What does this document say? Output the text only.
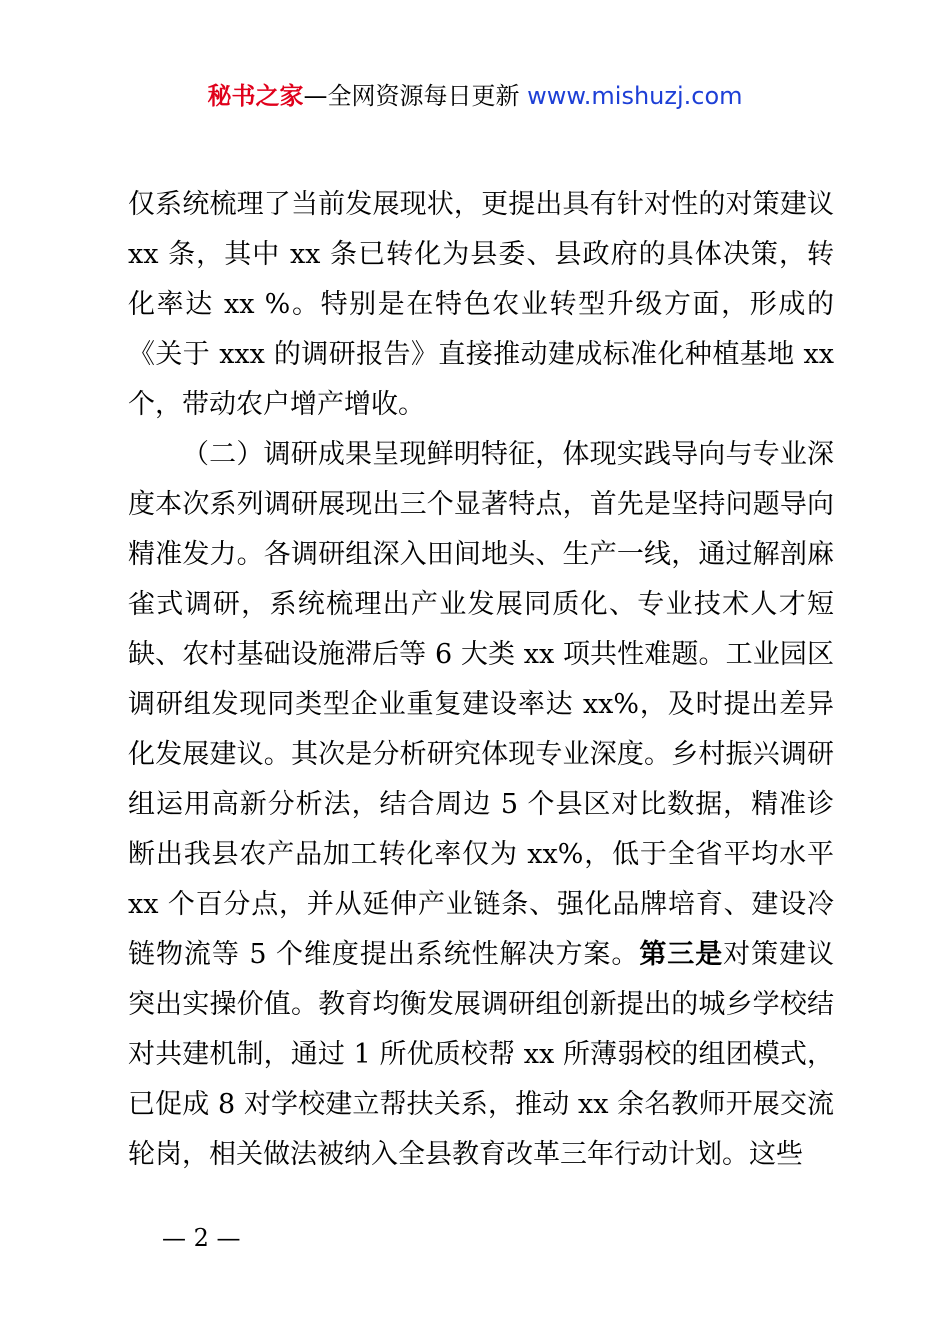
秘书之家—全网资源每日更新 www.mishuzj.com

仅系统梳理了当前发展现状，更提出具有针对性的对策建议 xx 条，其中 xx 条已转化为县委、县政府的具体决策，转化率达 xx %。特别是在特色农业转型升级方面，形成的《关于 xxx 的调研报告》直接推动建成标准化种植基地 xx 个，带动农户增产增收。

（二）调研成果呈现鲜明特征，体现实践导向与专业深度本次系列调研展现出三个显著特点，首先是坚持问题导向精准发力。各调研组深入田间地头、生产一线，通过解剖麻雀式调研，系统梳理出产业发展同质化、专业技术人才短缺、农村基础设施滞后等 6 大类 xx 项共性难题。工业园区调研组发现同类型企业重复建设率达 xx%，及时提出差异化发展建议。其次是分析研究体现专业深度。乡村振兴调研组运用高新分析法，结合周边 5 个县区对比数据，精准诊断出我县农产品加工转化率仅为 xx%，低于全省平均水平 xx 个百分点，并从延伸产业链条、强化品牌培育、建设冷链物流等 5 个维度提出系统性解决方案。第三是对策建议突出实操价值。教育均衡发展调研组创新提出的城乡学校结对共建机制，通过 1 所优质校帮 xx 所薄弱校的组团模式，已促成 8 对学校建立帮扶关系，推动 xx 余名教师开展交流轮岗，相关做法被纳入全县教育改革三年行动计划。这些

— 2 —
